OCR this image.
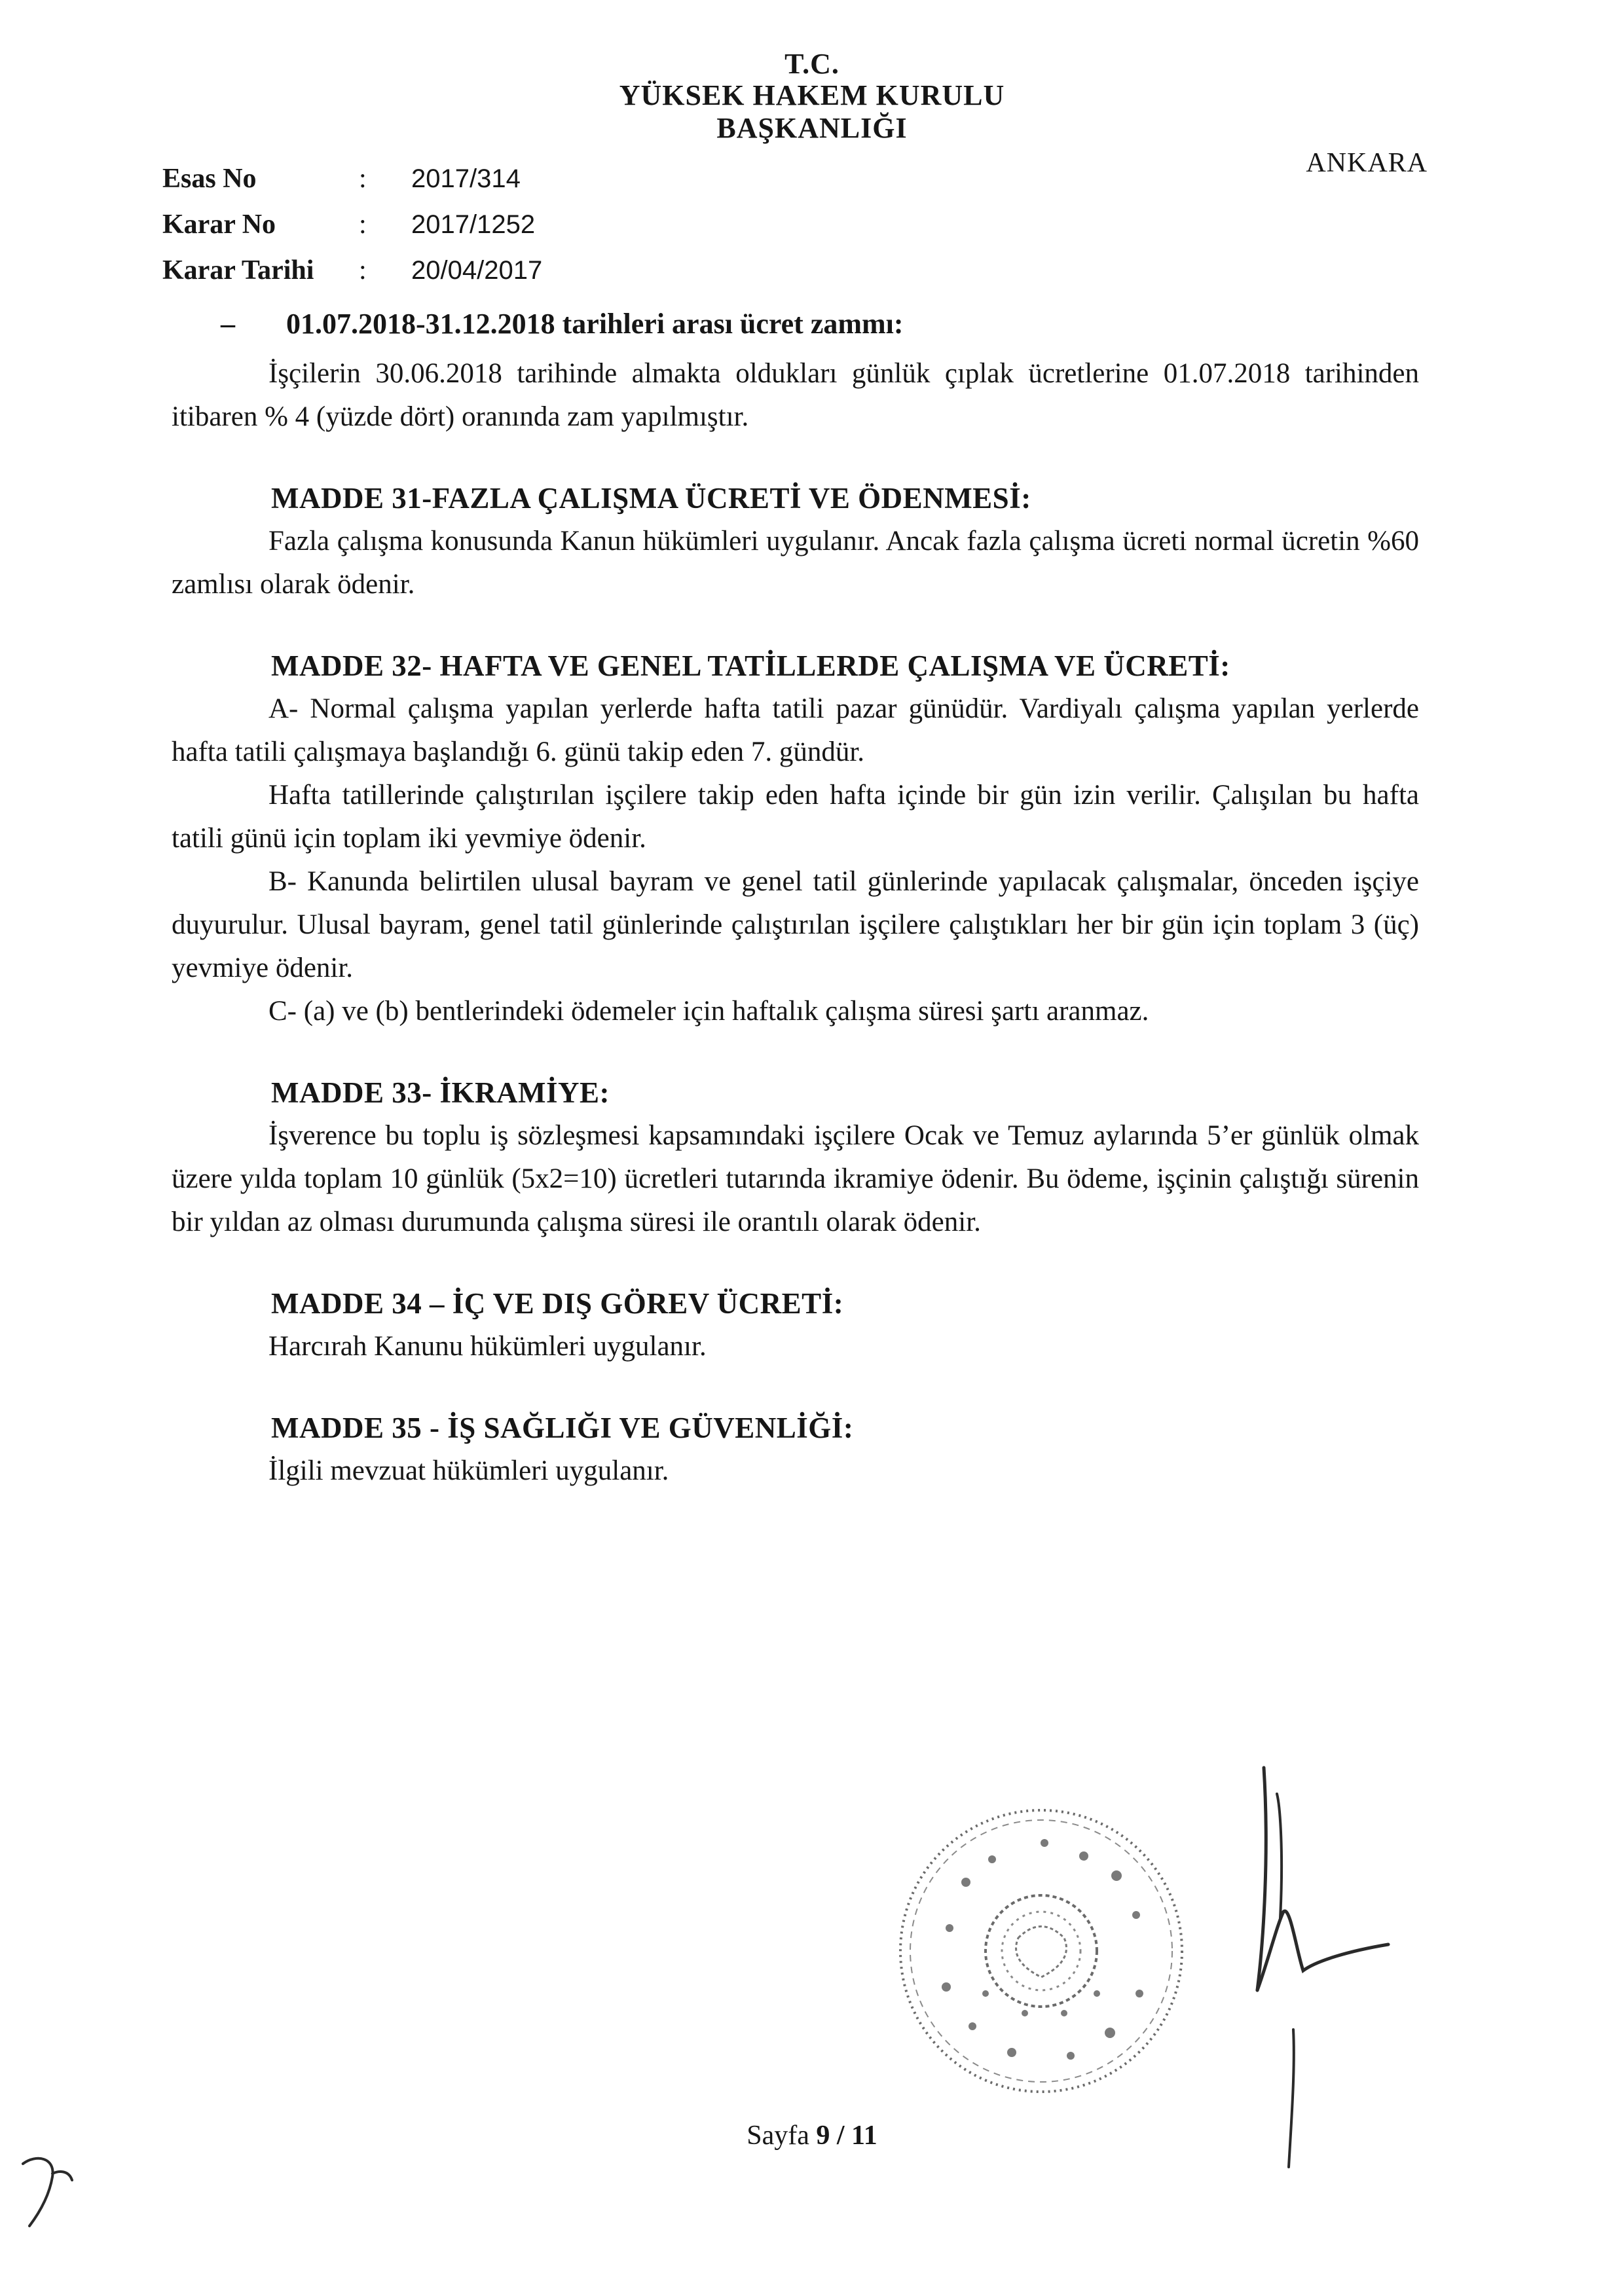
T.C.
YÜKSEK HAKEM KURULU
BAŞKANLIĞI
ANKARA
Esas No	:	2017/314
Karar No	:	2017/1252
Karar Tarihi	:	20/04/2017

– 01.07.2018-31.12.2018 tarihleri arası ücret zammı:

İşçilerin 30.06.2018 tarihinde almakta oldukları günlük çıplak ücretlerine 01.07.2018 tarihinden itibaren % 4 (yüzde dört) oranında zam yapılmıştır.

MADDE 31-FAZLA ÇALIŞMA ÜCRETİ VE ÖDENMESİ:

Fazla çalışma konusunda Kanun hükümleri uygulanır. Ancak fazla çalışma ücreti normal ücretin %60 zamlısı olarak ödenir.

MADDE 32- HAFTA VE GENEL TATİLLERDE ÇALIŞMA VE ÜCRETİ:

A- Normal çalışma yapılan yerlerde hafta tatili pazar günüdür. Vardiyalı çalışma yapılan yerlerde hafta tatili çalışmaya başlandığı 6. günü takip eden 7. gündür.

Hafta tatillerinde çalıştırılan işçilere takip eden hafta içinde bir gün izin verilir. Çalışılan bu hafta tatili günü için toplam iki yevmiye ödenir.

B- Kanunda belirtilen ulusal bayram ve genel tatil günlerinde yapılacak çalışmalar, önceden işçiye duyurulur. Ulusal bayram, genel tatil günlerinde çalıştırılan işçilere çalıştıkları her bir gün için toplam 3 (üç) yevmiye ödenir.

C- (a) ve (b) bentlerindeki ödemeler için haftalık çalışma süresi şartı aranmaz.

MADDE 33- İKRAMİYE:

İşverence bu toplu iş sözleşmesi kapsamındaki işçilere Ocak ve Temuz aylarında 5’er günlük olmak üzere yılda toplam 10 günlük (5x2=10) ücretleri tutarında ikramiye ödenir. Bu ödeme, işçinin çalıştığı sürenin bir yıldan az olması durumunda çalışma süresi ile orantılı olarak ödenir.

MADDE 34 – İÇ VE DIŞ GÖREV ÜCRETİ:

Harcırah Kanunu hükümleri uygulanır.

MADDE 35 - İŞ SAĞLIĞI VE GÜVENLİĞİ:

İlgili mevzuat hükümleri uygulanır.

Sayfa 9 / 11
